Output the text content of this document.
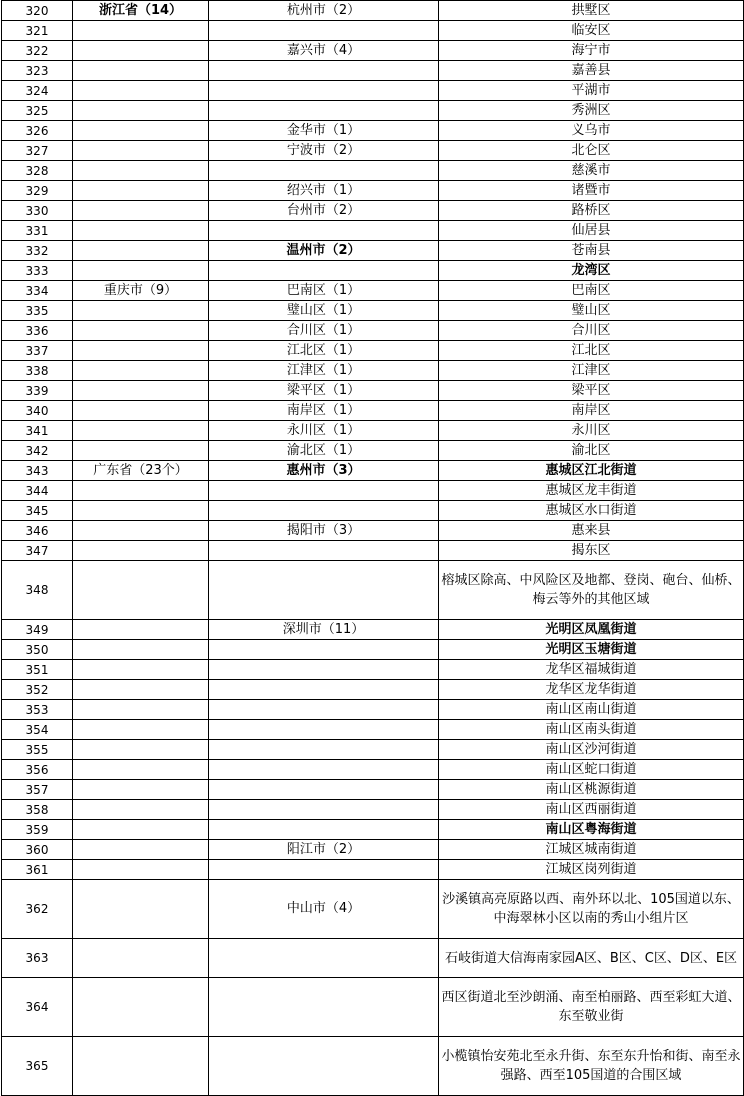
320	浙江省（14）	杭州市（2）	拱墅区
321			临安区
322		嘉兴市（4）	海宁市
323			嘉善县
324			平湖市
325			秀洲区
326		金华市（1）	义乌市
327		宁波市（2）	北仑区
328			慈溪市
329		绍兴市（1）	诸暨市
330		台州市（2）	路桥区
331			仙居县
332		温州市（2）	苍南县
333			龙湾区
334	重庆市（9）	巴南区（1）	巴南区
335		璧山区（1）	璧山区
336		合川区（1）	合川区
337		江北区（1）	江北区
338		江津区（1）	江津区
339		梁平区（1）	梁平区
340		南岸区（1）	南岸区
341		永川区（1）	永川区
342		渝北区（1）	渝北区
343	广东省（23个）	惠州市（3）	惠城区江北街道
344			惠城区龙丰街道
345			惠城区水口街道
346		揭阳市（3）	惠来县
347			揭东区
348			榕城区除高、中风险区及地都、登岗、砲台、仙桥、梅云等外的其他区域
349		深圳市（11）	光明区凤凰街道
350			光明区玉塘街道
351			龙华区福城街道
352			龙华区龙华街道
353			南山区南山街道
354			南山区南头街道
355			南山区沙河街道
356			南山区蛇口街道
357			南山区桃源街道
358			南山区西丽街道
359			南山区粤海街道
360		阳江市（2）	江城区城南街道
361			江城区岗列街道
362		中山市（4）	沙溪镇高亮原路以西、南外环以北、105国道以东、中海翠林小区以南的秀山小组片区
363			石岐街道大信海南家园A区、B区、C区、D区、E区
364			西区街道北至沙朗涌、南至柏丽路、西至彩虹大道、东至敬业街
365			小榄镇怡安苑北至永升街、东至东升怡和街、南至永强路、西至105国道的合围区域
